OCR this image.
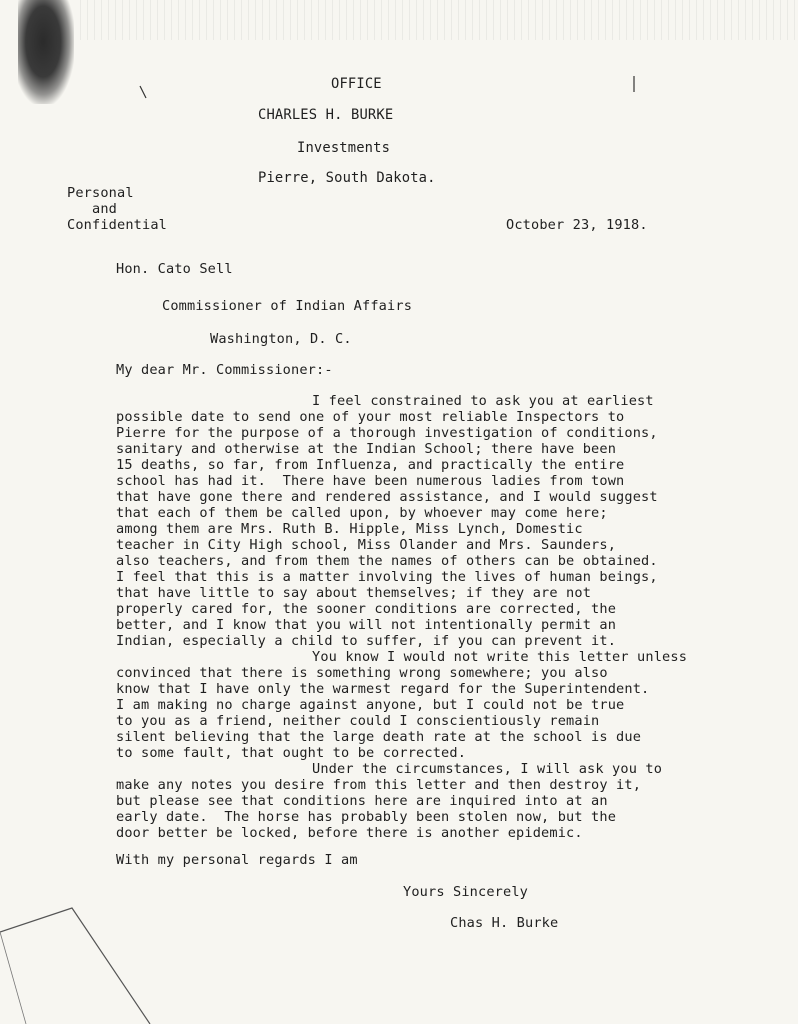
OFFICE
CHARLES H. BURKE
Investments
Pierre, South Dakota.
Personal
and
Confidential	October 23, 1918.
Hon. Cato Sell
Commissioner of Indian Affairs
Washington, D. C.
My dear Mr. Commissioner:-
I feel constrained to ask you at earliest
possible date to send one of your most reliable Inspectors to
Pierre for the purpose of a thorough investigation of conditions,
sanitary and otherwise at the Indian School; there have been
15 deaths, so far, from Influenza, and practically the entire
school has had it.  There have been numerous ladies from town
that have gone there and rendered assistance, and I would suggest
that each of them be called upon, by whoever may come here;
among them are Mrs. Ruth B. Hipple, Miss Lynch, Domestic
teacher in City High school, Miss Olander and Mrs. Saunders,
also teachers, and from them the names of others can be obtained.
I feel that this is a matter involving the lives of human beings,
that have little to say about themselves; if they are not
properly cared for, the sooner conditions are corrected, the
better, and I know that you will not intentionally permit an
Indian, especially a child to suffer, if you can prevent it.
You know I would not write this letter unless
convinced that there is something wrong somewhere; you also
know that I have only the warmest regard for the Superintendent.
I am making no charge against anyone, but I could not be true
to you as a friend, neither could I conscientiously remain
silent believing that the large death rate at the school is due
to some fault, that ought to be corrected.
Under the circumstances, I will ask you to
make any notes you desire from this letter and then destroy it,
but please see that conditions here are inquired into at an
early date.  The horse has probably been stolen now, but the
door better be locked, before there is another epidemic.
With my personal regards I am
Yours Sincerely
Chas H. Burke
